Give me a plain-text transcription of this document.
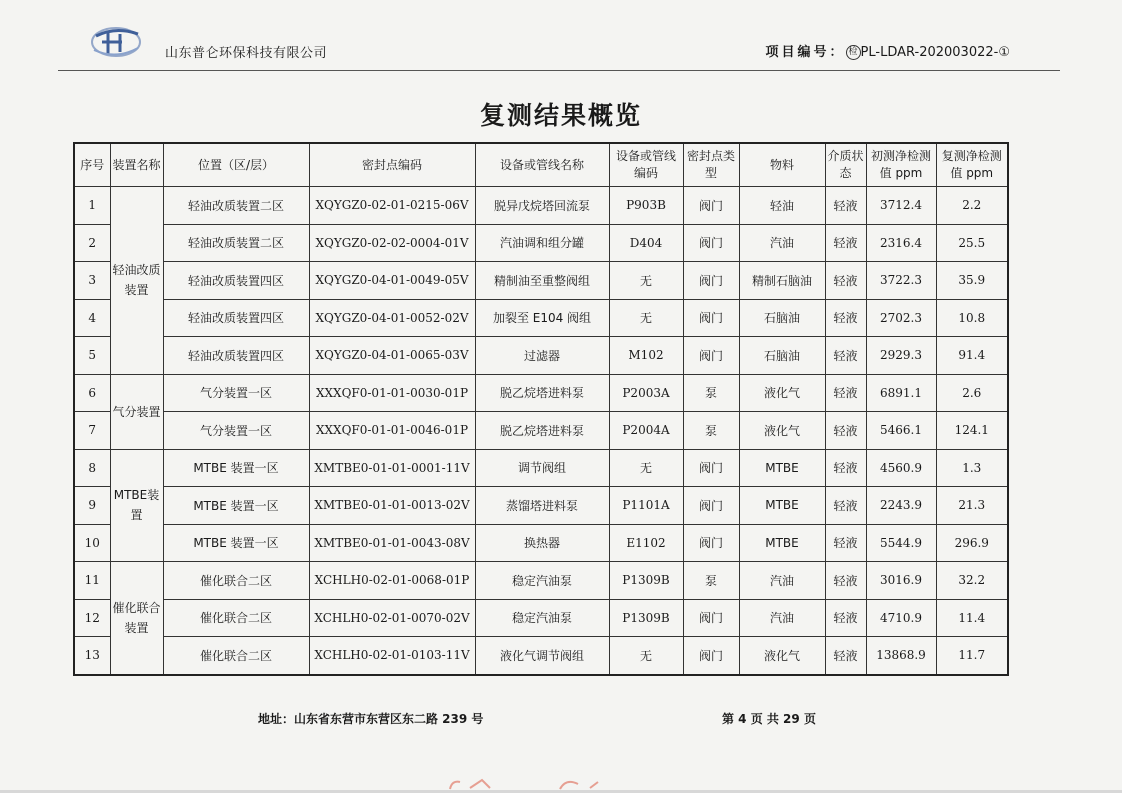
山东普仑环保科技有限公司	项目编号： 检 PL-LDAR-202003022-①
复测结果概览
序号	装置名称	位置（区/层）	密封点编码	设备或管线名称	设备或管线编码	密封点类型	物料	介质状态	初测净检测值 ppm	复测净检测值 ppm
1	轻油改质装置	轻油改质装置二区	XQYGZ0-02-01-0215-06V	脱异戊烷塔回流泵	P903B	阀门	轻油	轻液	3712.4	2.2
2		轻油改质装置二区	XQYGZ0-02-02-0004-01V	汽油调和组分罐	D404	阀门	汽油	轻液	2316.4	25.5
3		轻油改质装置四区	XQYGZ0-04-01-0049-05V	精制油至重整阀组	无	阀门	精制石脑油	轻液	3722.3	35.9
4		轻油改质装置四区	XQYGZ0-04-01-0052-02V	加裂至 E104 阀组	无	阀门	石脑油	轻液	2702.3	10.8
5		轻油改质装置四区	XQYGZ0-04-01-0065-03V	过滤器	M102	阀门	石脑油	轻液	2929.3	91.4
6	气分装置	气分装置一区	XXXQF0-01-01-0030-01P	脱乙烷塔进料泵	P2003A	泵	液化气	轻液	6891.1	2.6
7		气分装置一区	XXXQF0-01-01-0046-01P	脱乙烷塔进料泵	P2004A	泵	液化气	轻液	5466.1	124.1
8	MTBE装置	MTBE 装置一区	XMTBE0-01-01-0001-11V	调节阀组	无	阀门	MTBE	轻液	4560.9	1.3
9		MTBE 装置一区	XMTBE0-01-01-0013-02V	蒸馏塔进料泵	P1101A	阀门	MTBE	轻液	2243.9	21.3
10		MTBE 装置一区	XMTBE0-01-01-0043-08V	换热器	E1102	阀门	MTBE	轻液	5544.9	296.9
11	催化联合装置	催化联合二区	XCHLH0-02-01-0068-01P	稳定汽油泵	P1309B	泵	汽油	轻液	3016.9	32.2
12		催化联合二区	XCHLH0-02-01-0070-02V	稳定汽油泵	P1309B	阀门	汽油	轻液	4710.9	11.4
13		催化联合二区	XCHLH0-02-01-0103-11V	液化气调节阀组	无	阀门	液化气	轻液	13868.9	11.7
地址：山东省东营市东营区东二路 239 号	第 4 页 共 29 页
